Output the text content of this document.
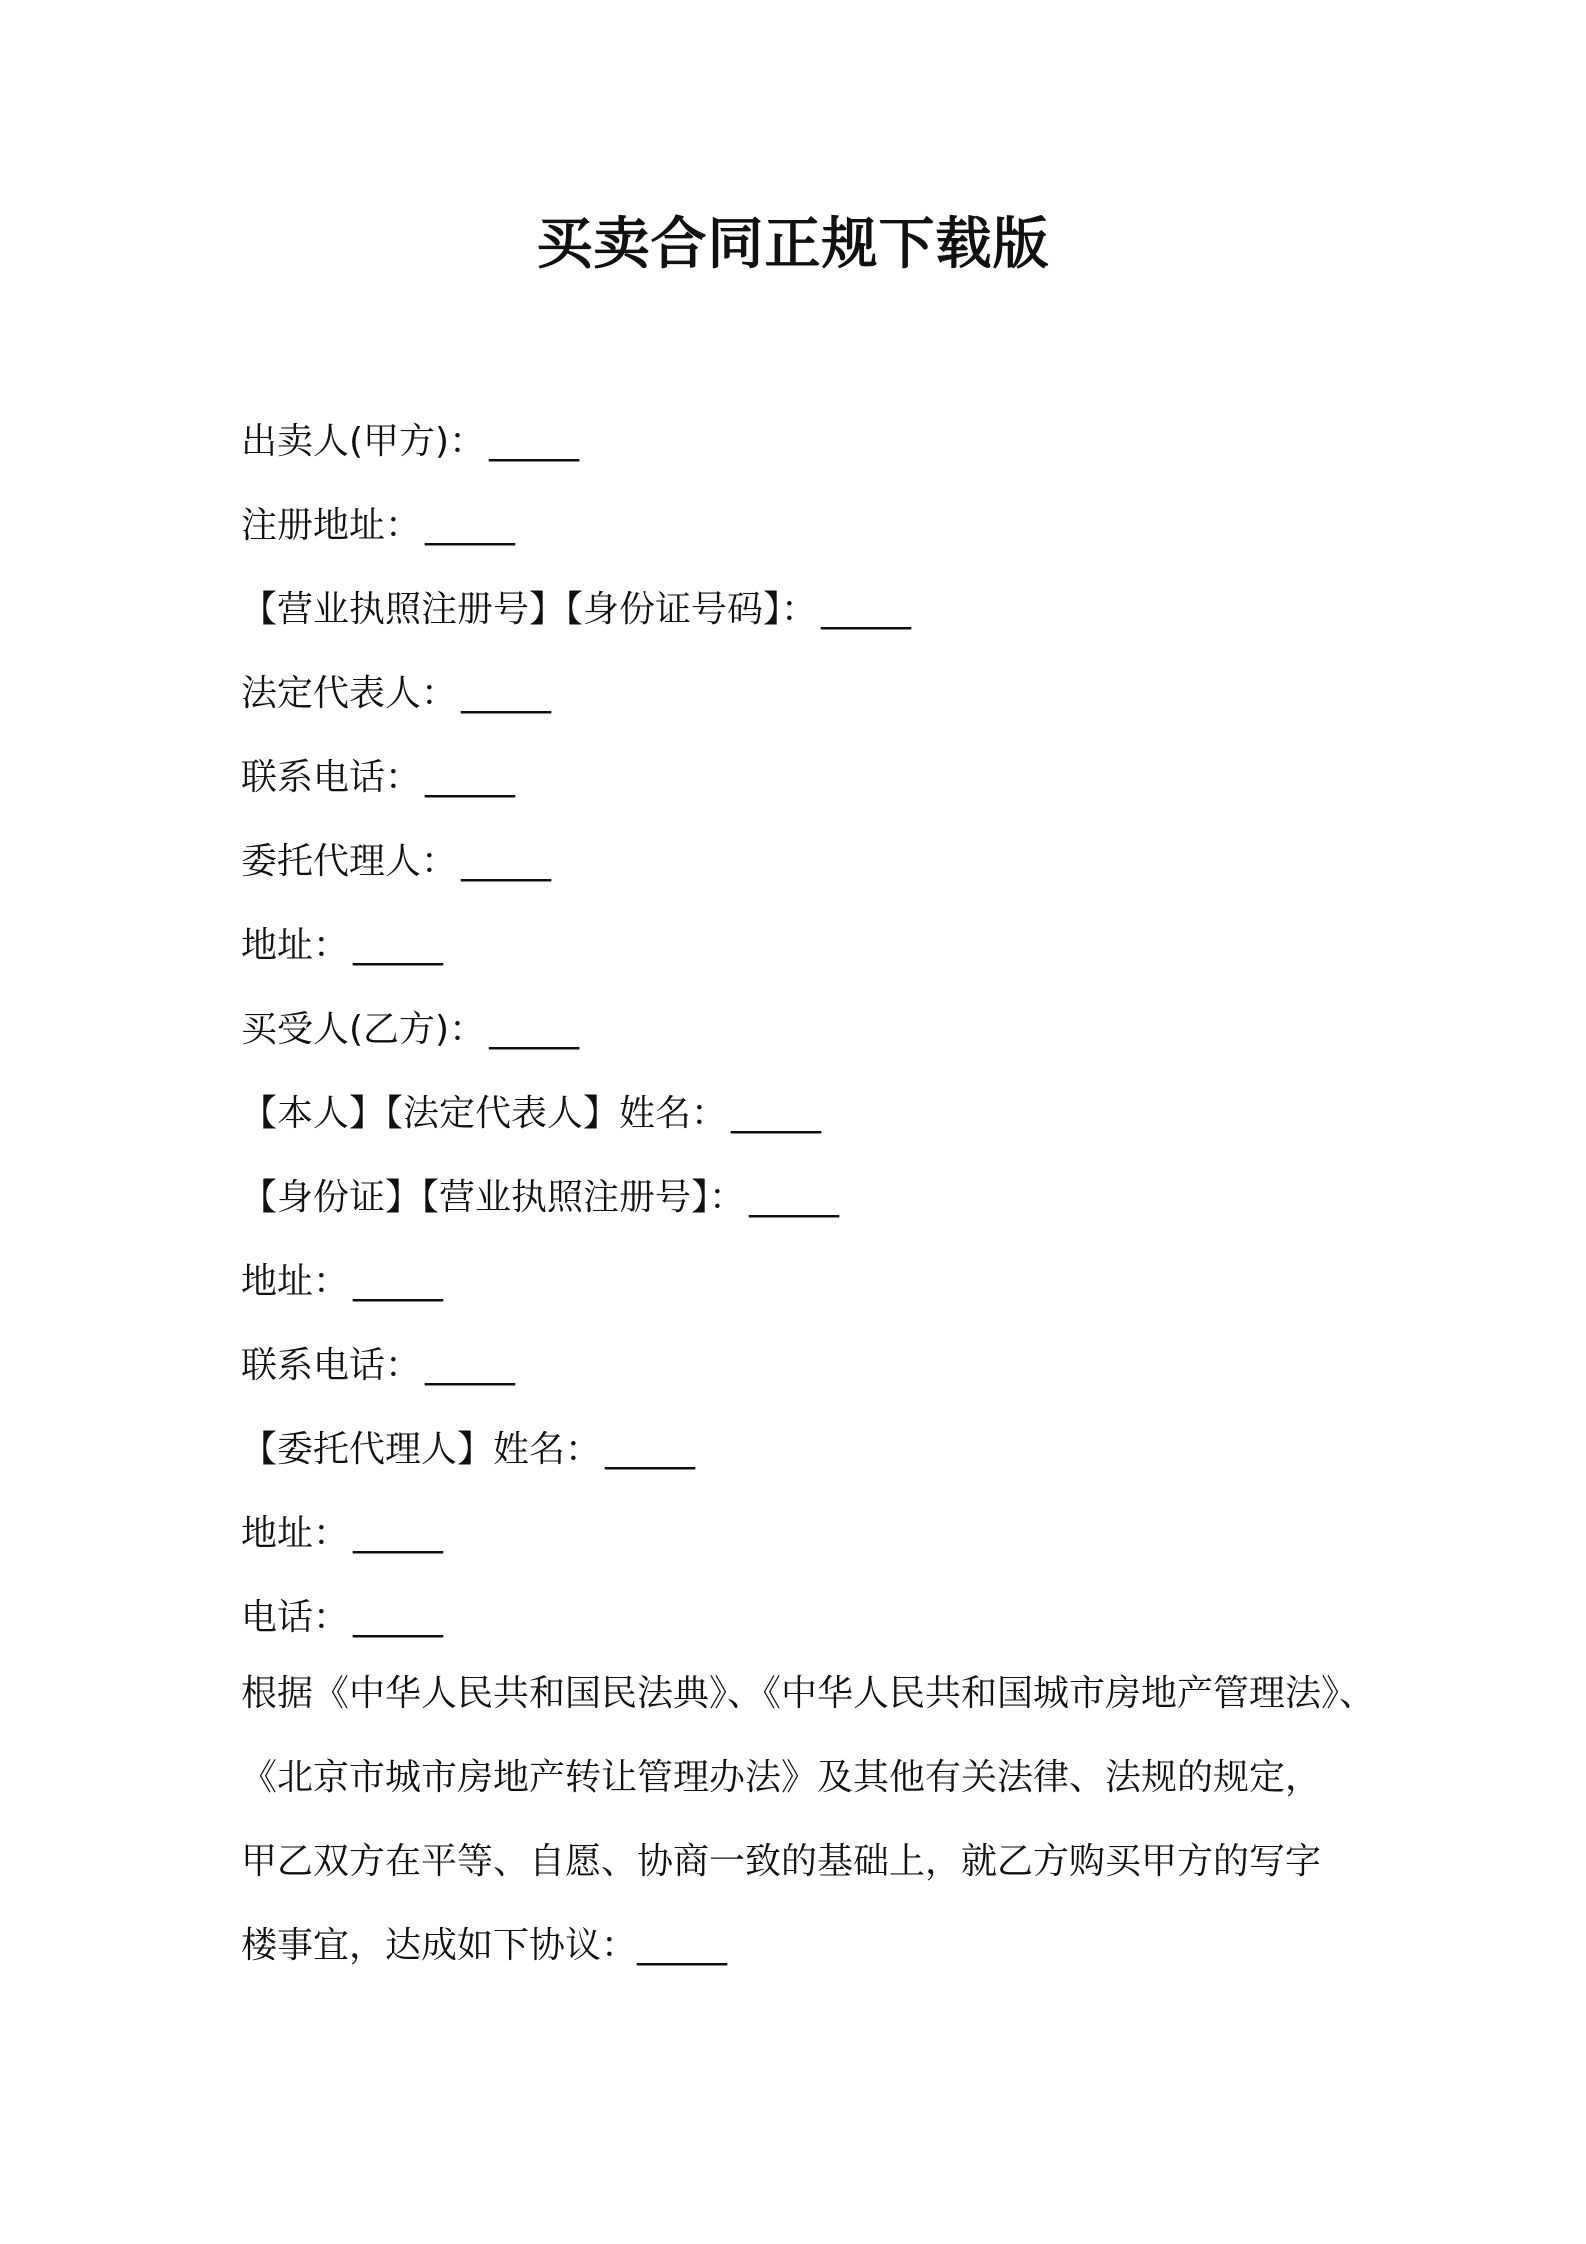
买卖合同正规下载版
出卖人(甲方)： _____
注册地址： _____
【营业执照注册号】【身份证号码】： _____
法定代表人： _____
联系电话： _____
委托代理人： _____
地址： _____
买受人(乙方)： _____
【本人】【法定代表人】姓名： _____
【身份证】【营业执照注册号】： _____
地址： _____
联系电话： _____
【委托代理人】姓名： _____
地址： _____
电话： _____

根据《中华人民共和国民法典》、《中华人民共和国城市房地产管理法》、
《北京市城市房地产转让管理办法》及其他有关法律、法规的规定，
甲乙双方在平等、自愿、协商一致的基础上，就乙方购买甲方的写字
楼事宜，达成如下协议：_____
